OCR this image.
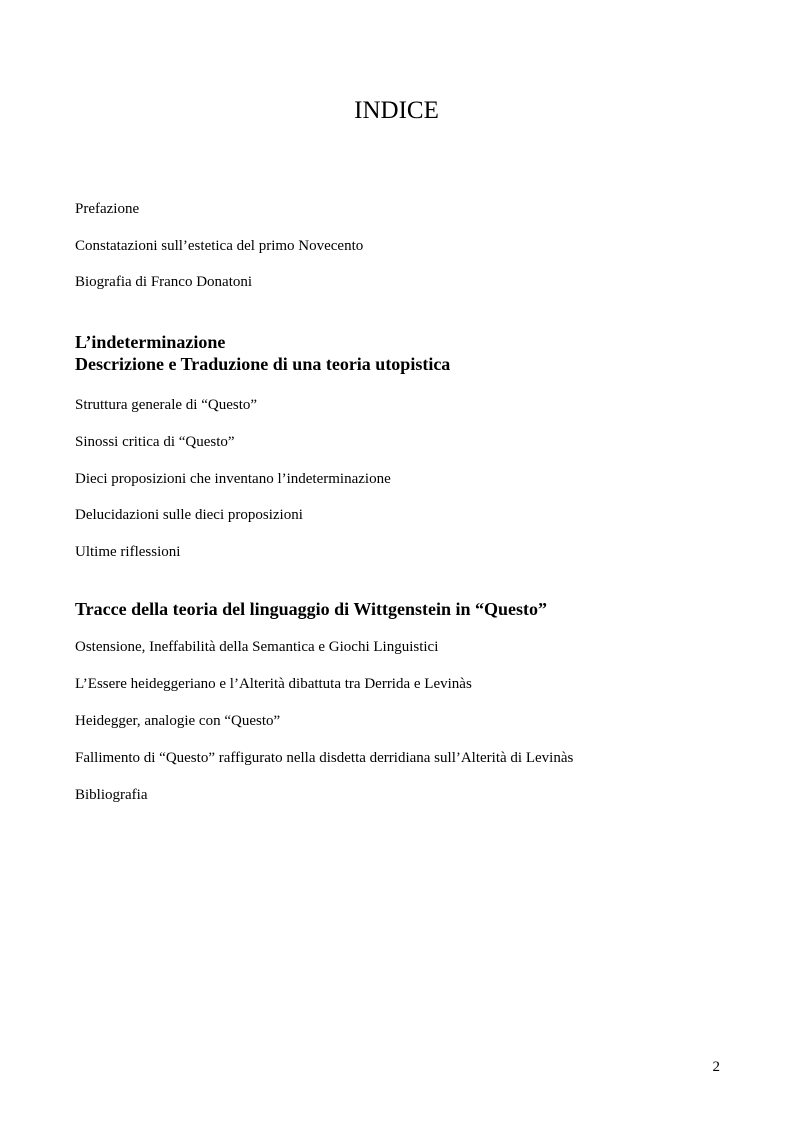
INDICE
Prefazione
Constatazioni sull’estetica del primo Novecento
Biografia di Franco Donatoni
L’indeterminazione
Descrizione e Traduzione di una teoria utopistica
Struttura generale di “Questo”
Sinossi critica di “Questo”
Dieci proposizioni che inventano l’indeterminazione
Delucidazioni sulle dieci proposizioni
Ultime riflessioni
Tracce della teoria del linguaggio di Wittgenstein in “Questo”
Ostensione, Ineffabilità della Semantica e Giochi Linguistici
L’Essere heideggeriano e l’Alterità dibattuta tra Derrida e Levinàs
Heidegger, analogie con “Questo”
Fallimento di “Questo” raffigurato nella disdetta derridiana sull’Alterità di Levinàs
Bibliografia
2
